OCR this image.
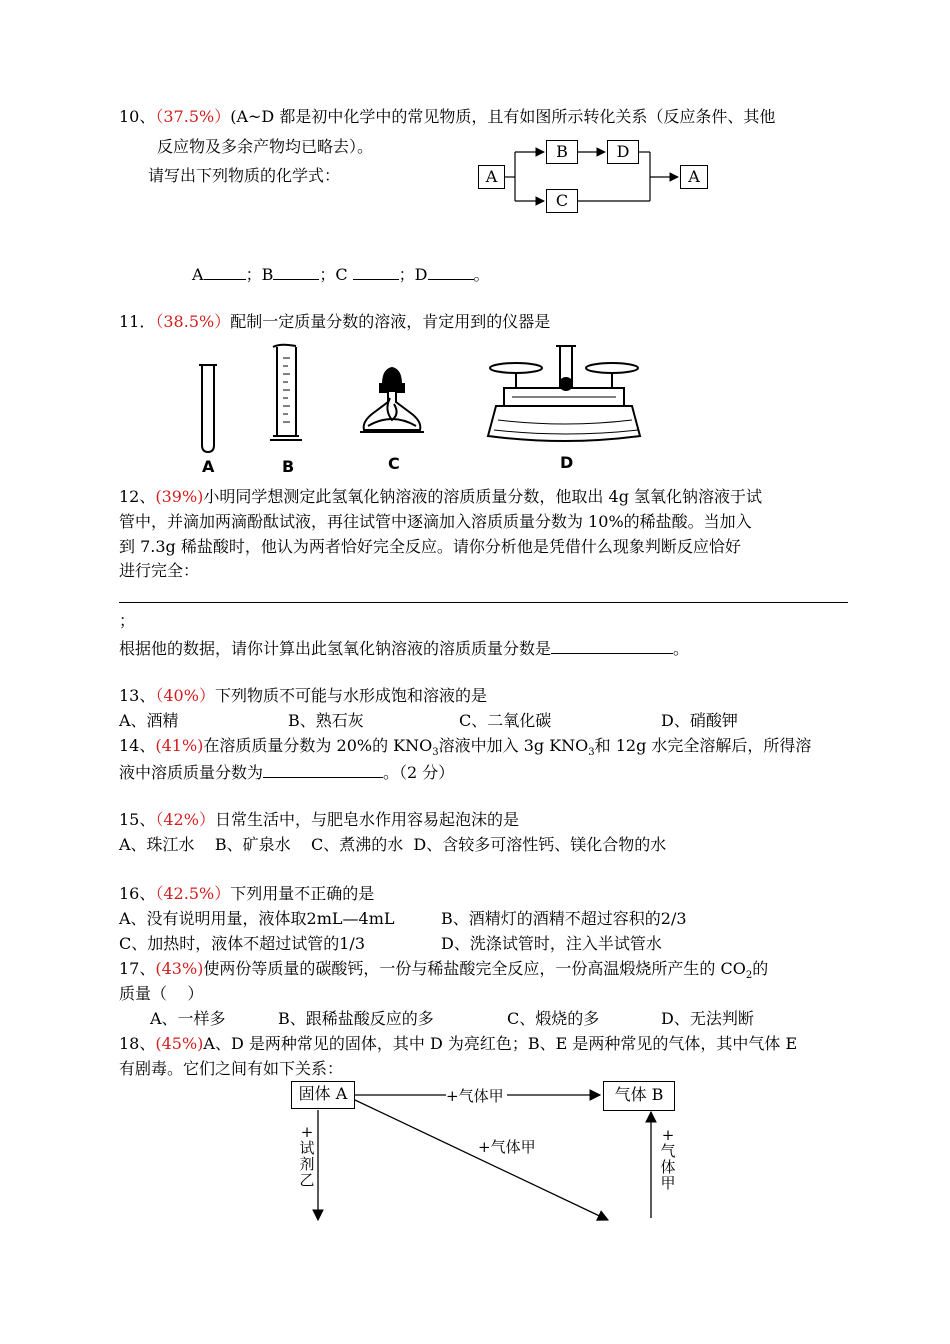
10、（37.5%）(A~D 都是初中化学中的常见物质，且有如图所示转化关系（反应条件、其他
反应物及多余产物均已略去）。
请写出下列物质的化学式：	A
B	D
C
A
A	；B	；C	；D	。
11．（38.5%）配制一定质量分数的溶液，肯定用到的仪器是
A	B	C	D
12、(39%)小明同学想测定此氢氧化钠溶液的溶质质量分数，他取出 4g 氢氧化钠溶液于试
管中，并滴加两滴酚酞试液，再往试管中逐滴加入溶质质量分数为 10%的稀盐酸。当加入
到 7.3g 稀盐酸时，他认为两者恰好完全反应。请你分析他是凭借什么现象判断反应恰好
进行完全：
；
根据他的数据，请你计算出此氢氧化钠溶液的溶质质量分数是	。
13、（40%）下列物质不可能与水形成饱和溶液的是
A、酒精	B、熟石灰	C、二氧化碳	D、硝酸钾
14、(41%)在溶质质量分数为 20%的 $KNO_3$溶液中加入 3g $KNO_3$和 12g 水完全溶解后，所得溶
液中溶质质量分数为	。（2 分）
15、（42%）日常生活中，与肥皂水作用容易起泡沫的是
A、珠江水    B、矿泉水    C、煮沸的水  D、含较多可溶性钙、镁化合物的水
16、（42.5%）下列用量不正确的是
A、没有说明用量，液体取2mL—4mL	B、酒精灯的酒精不超过容积的2/3
C、加热时，液体不超过试管的1/3	D、洗涤试管时，注入半试管水
17、(43%)使两份等质量的碳酸钙，一份与稀盐酸完全反应，一份高温煅烧所产生的 $CO_2$的
质量（    ）
A、一样多	B、跟稀盐酸反应的多	C、煅烧的多	D、无法判断
18、(45%)A、D 是两种常见的固体，其中 D 为亮红色；B、E 是两种常见的气体，其中气体 E
有剧毒。它们之间有如下关系：
固体 A	气体 B
+气体甲
+气体甲
+
试
剂
乙
+
气
体
甲
